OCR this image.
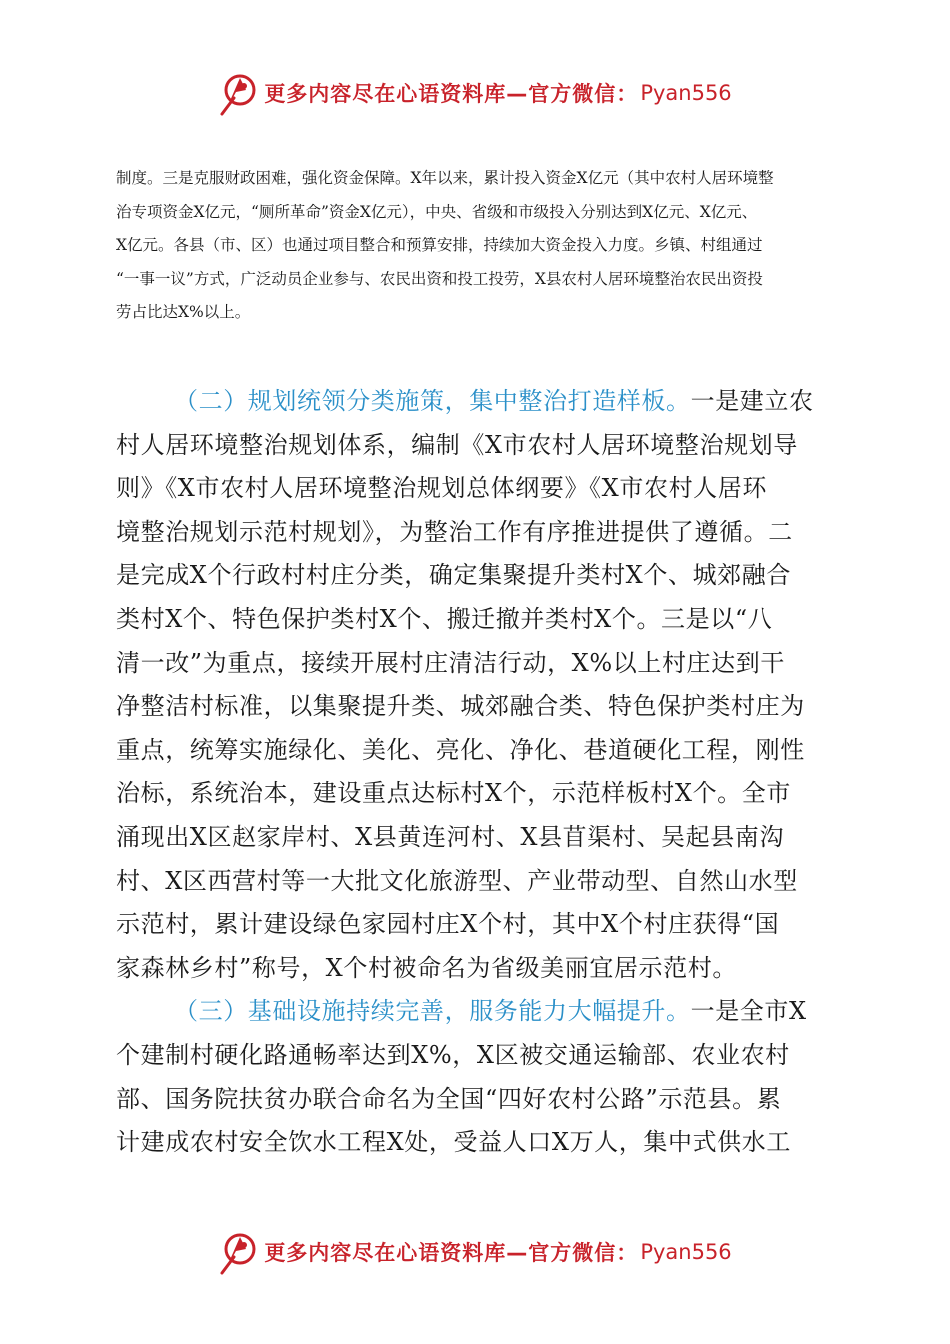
更多内容尽在心语资料库—官方微信： Pyan556

制度。三是克服财政困难，强化资金保障。X年以来，累计投入资金X亿元（其中农村人居环境整

治专项资金X亿元，“厕所革命”资金X亿元），中央、省级和市级投入分别达到X亿元、X亿元、

X亿元。各县（市、区）也通过项目整合和预算安排，持续加大资金投入力度。乡镇、村组通过

“一事一议”方式，广泛动员企业参与、农民出资和投工投劳，X县农村人居环境整治农民出资投

劳占比达X%以上。

（二）规划统领分类施策，集中整治打造样板。一是建立农

村人居环境整治规划体系，编制《X市农村人居环境整治规划导

则》《X市农村人居环境整治规划总体纲要》《X市农村人居环

境整治规划示范村规划》，为整治工作有序推进提供了遵循。二

是完成X个行政村村庄分类，确定集聚提升类村X个、城郊融合

类村X个、特色保护类村X个、搬迁撤并类村X个。三是以“八

清一改”为重点，接续开展村庄清洁行动，X%以上村庄达到干

净整洁村标准，以集聚提升类、城郊融合类、特色保护类村庄为

重点，统筹实施绿化、美化、亮化、净化、巷道硬化工程，刚性

治标，系统治本，建设重点达标村X个，示范样板村X个。全市

涌现出X区赵家岸村、X县黄连河村、X县苜渠村、吴起县南沟

村、X区西营村等一大批文化旅游型、产业带动型、自然山水型

示范村，累计建设绿色家园村庄X个村，其中X个村庄获得“国

家森林乡村”称号，X个村被命名为省级美丽宜居示范村。

（三）基础设施持续完善，服务能力大幅提升。一是全市X

个建制村硬化路通畅率达到X%，X区被交通运输部、农业农村

部、国务院扶贫办联合命名为全国“四好农村公路”示范县。累

计建成农村安全饮水工程X处，受益人口X万人，集中式供水工

更多内容尽在心语资料库—官方微信： Pyan556
